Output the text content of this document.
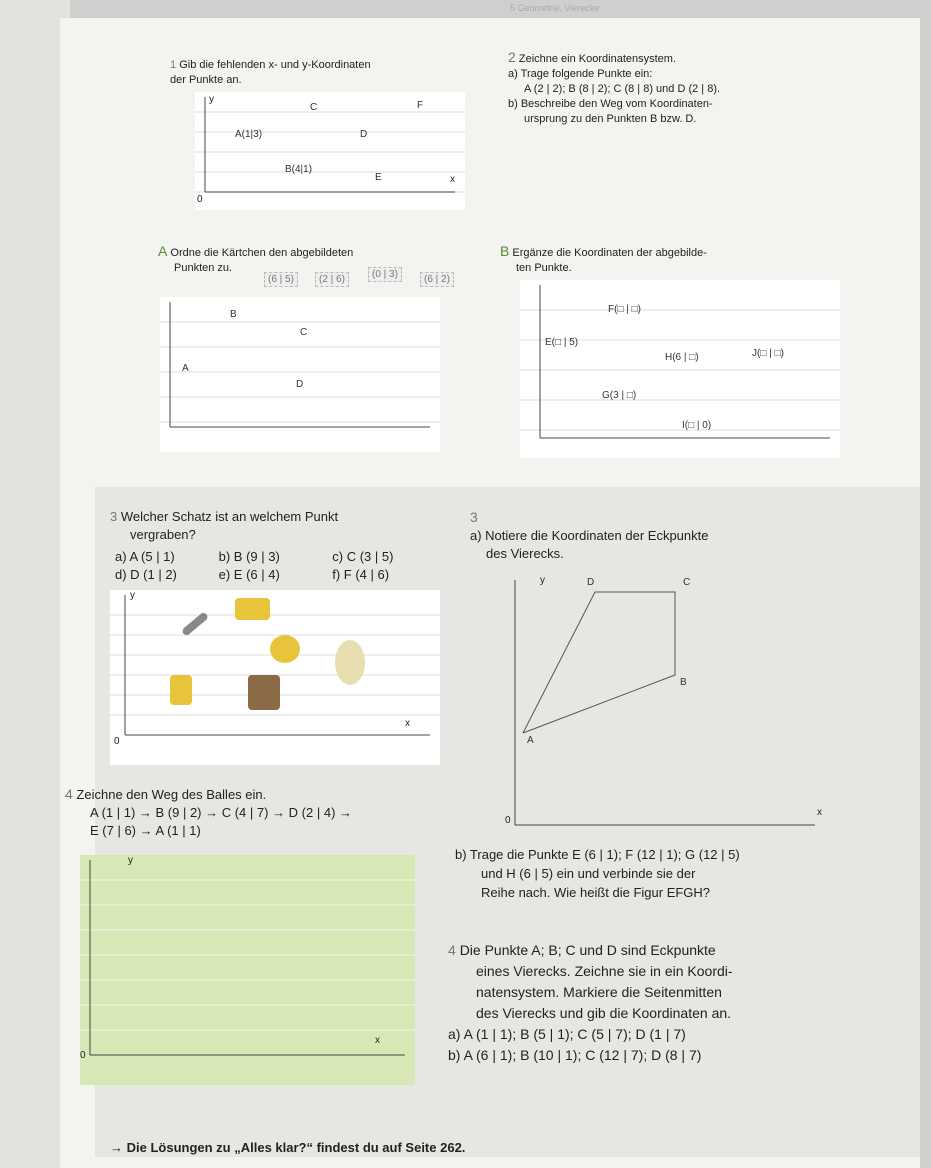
5 Geometrie, Vierecke
1 Gib die fehlenden x- und y-Koordinaten
der Punkte an.
A(1|3)
B(4|1)
C
D
E
F
x
y
0
2 Zeichne ein Koordinatensystem.
a) Trage folgende Punkte ein:
A (2 | 2); B (8 | 2); C (8 | 8) und D (2 | 8).
b) Beschreibe den Weg vom Koordinaten-
ursprung zu den Punkten B bzw. D.
A Ordne die Kärtchen den abgebildeten
Punkten zu.
(6 | 5)	(2 | 6)	(0 | 3)	(6 | 2)
A
B
C
D
B Ergänze die Koordinaten der abgebilde-
ten Punkte.
E(□ | 5)
F(□ | □)
G(3 | □)
H(6 | □)	J(□ | □)
I(□ | 0)
3 Welcher Schatz ist an welchem Punkt
vergraben?
a) A (5 | 1)	b) B (9 | 3)	c) C (3 | 5)
d) D (1 | 2)	e) E (6 | 4)	f) F (4 | 6)
x
y
0
3
a) Notiere die Koordinaten der Eckpunkte
des Vierecks.
A
B
C
D
x
y
0
b) Trage die Punkte E (6 | 1); F (12 | 1); G (12 | 5)
und H (6 | 5) ein und verbinde sie der
Reihe nach. Wie heißt die Figur EFGH?
4 Zeichne den Weg des Balles ein.
A (1 | 1) → B (9 | 2) → C (4 | 7) → D (2 | 4) →
E (7 | 6) → A (1 | 1)
x
y
0
4 Die Punkte A; B; C und D sind Eckpunkte
eines Vierecks. Zeichne sie in ein Koordi-
natensystem. Markiere die Seitenmitten
des Vierecks und gib die Koordinaten an.
a) A (1 | 1); B (5 | 1); C (5 | 7); D (1 | 7)
b) A (6 | 1); B (10 | 1); C (12 | 7); D (8 | 7)
→ Die Lösungen zu „Alles klar?“ findest du auf Seite 262.
